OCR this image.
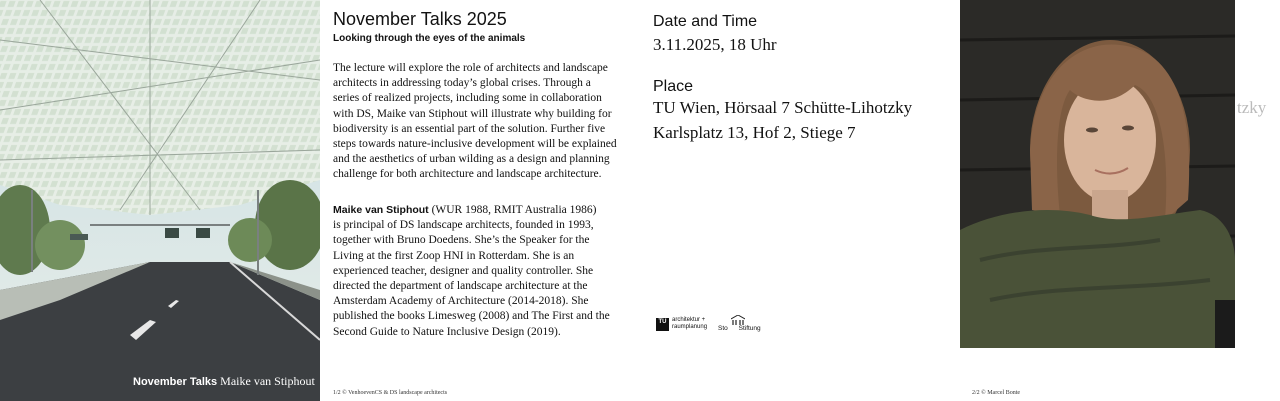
November Talks Maike van Stiphout
November Talks 2025
Looking through the eyes of the animals
The lecture will explore the role of architects and landscape
architects in addressing today’s global crises. Through a
series of realized projects, including some in collaboration
with DS, Maike van Stiphout will illustrate why building for
biodiversity is an essential part of the solution. Further five
steps towards nature-inclusive development will be explained
and the aesthetics of urban wilding as a design and planning
challenge for both architecture and landscape architecture.
Maike van Stiphout (WUR 1988, RMIT Australia 1986)
is principal of DS landscape architects, founded in 1993,
together with Bruno Doedens. She’s the Speaker for the
Living at the first Zoop HNI in Rotterdam. She is an
experienced teacher, designer and quality controller. She
directed the department of landscape architecture at the
Amsterdam Academy of Architecture (2014-2018). She
published the books Limesweg (2008) and The First and the
Second Guide to Nature Inclusive Design (2019).
1/2 © VenhoevenCS & DS landscape architects
Date and Time
3.11.2025, 18 Uhr
Place
TU Wien, Hörsaal 7 Schütte-Lihotzky
Karlsplatz 13, Hof 2, Stiege 7
TU architektur +
raumplanung	Sto Stiftung
tzky
2/2 © Marcel Bonte
